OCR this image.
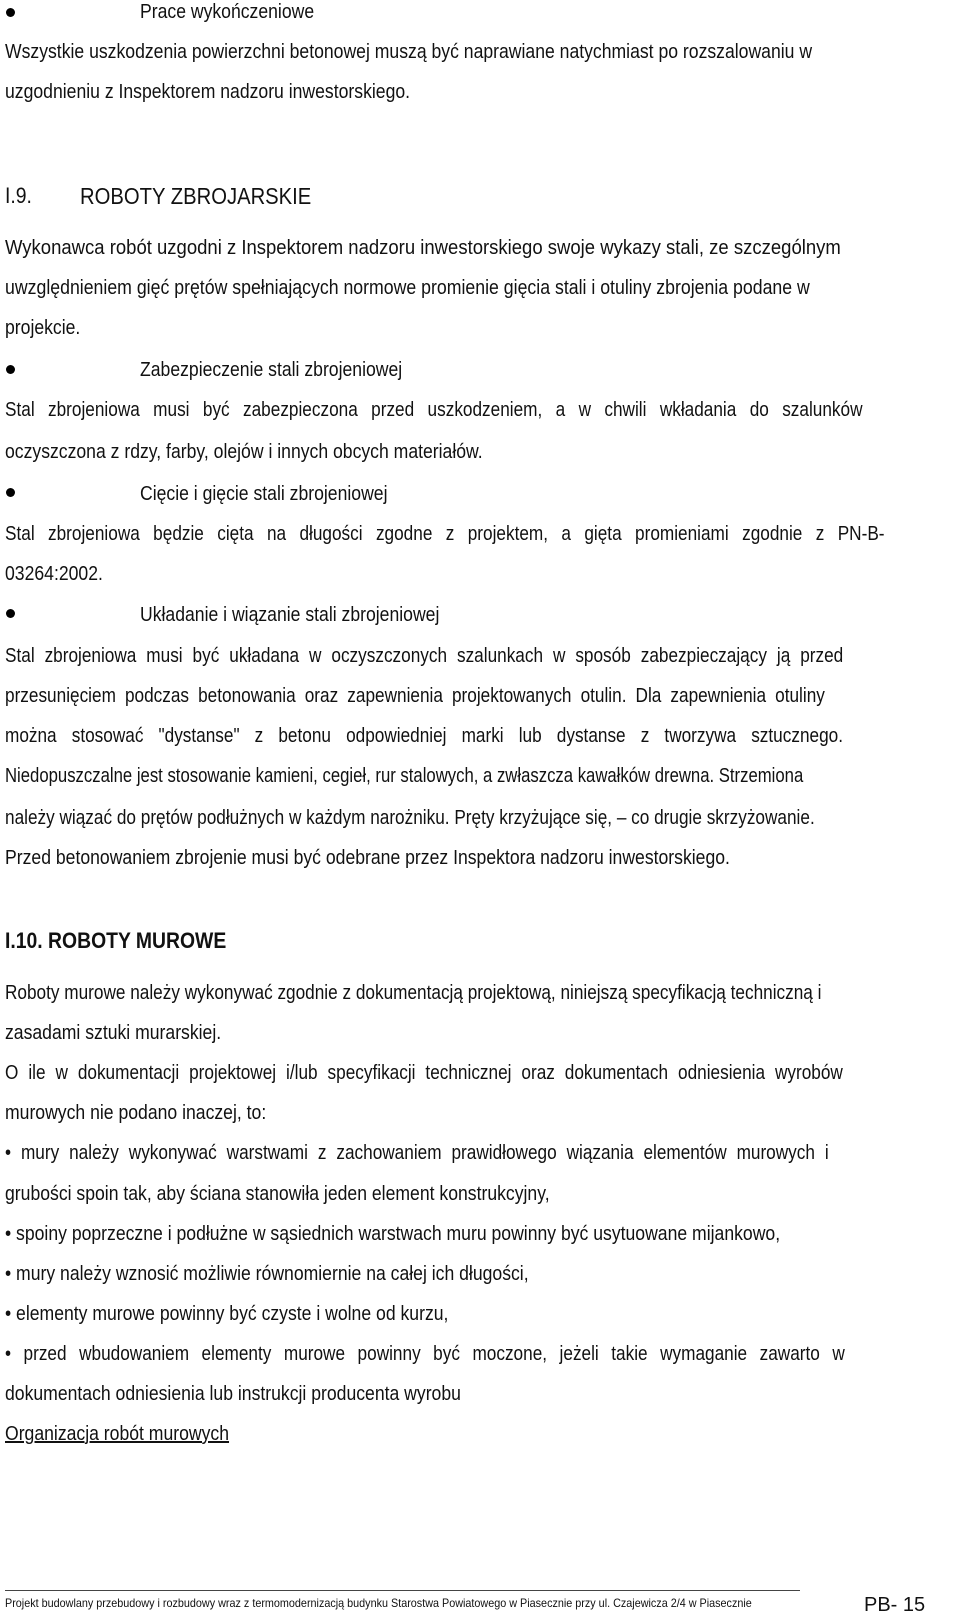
Prace wykończeniowe
Wszystkie uszkodzenia powierzchni betonowej muszą być naprawiane natychmiast po rozszalowaniu w
uzgodnieniu z Inspektorem nadzoru inwestorskiego.
I.9. ROBOTY ZBROJARSKIE
Wykonawca robót uzgodni z Inspektorem nadzoru inwestorskiego swoje wykazy stali, ze szczególnym
uwzględnieniem gięć prętów spełniających normowe promienie gięcia stali i otuliny zbrojenia podane w
projekcie.
Zabezpieczenie stali zbrojeniowej
Stal zbrojeniowa musi być zabezpieczona przed uszkodzeniem, a w chwili wkładania do szalunków
oczyszczona z rdzy, farby, olejów i innych obcych materiałów.
Cięcie i gięcie stali zbrojeniowej
Stal zbrojeniowa będzie cięta na długości zgodne z projektem, a gięta promieniami zgodnie z PN-B-
03264:2002.
Układanie i wiązanie stali zbrojeniowej
Stal zbrojeniowa musi być układana w oczyszczonych szalunkach w sposób zabezpieczający ją przed
przesunięciem podczas betonowania oraz zapewnienia projektowanych otulin. Dla zapewnienia otuliny
można stosować "dystanse" z betonu odpowiedniej marki lub dystanse z tworzywa sztucznego.
Niedopuszczalne jest stosowanie kamieni, cegieł, rur stalowych, a zwłaszcza kawałków drewna. Strzemiona
należy wiązać do prętów podłużnych w każdym narożniku. Pręty krzyżujące się, – co drugie skrzyżowanie.
Przed betonowaniem zbrojenie musi być odebrane przez Inspektora nadzoru inwestorskiego.
I.10. ROBOTY MUROWE
Roboty murowe należy wykonywać zgodnie z dokumentacją projektową, niniejszą specyfikacją techniczną i
zasadami sztuki murarskiej.
O ile w dokumentacji projektowej i/lub specyfikacji technicznej oraz dokumentach odniesienia wyrobów
murowych nie podano inaczej, to:
• mury należy wykonywać warstwami z zachowaniem prawidłowego wiązania elementów murowych i
grubości spoin tak, aby ściana stanowiła jeden element konstrukcyjny,
• spoiny poprzeczne i podłużne w sąsiednich warstwach muru powinny być usytuowane mijankowo,
• mury należy wznosić możliwie równomiernie na całej ich długości,
• elementy murowe powinny być czyste i wolne od kurzu,
• przed wbudowaniem elementy murowe powinny być moczone, jeżeli takie wymaganie zawarto w
dokumentach odniesienia lub instrukcji producenta wyrobu
Organizacja robót murowych
Projekt budowlany przebudowy i rozbudowy wraz z termomodernizacją budynku Starostwa Powiatowego w Piasecznie przy ul. Czajewicza 2/4 w Piasecznie	PB- 15
